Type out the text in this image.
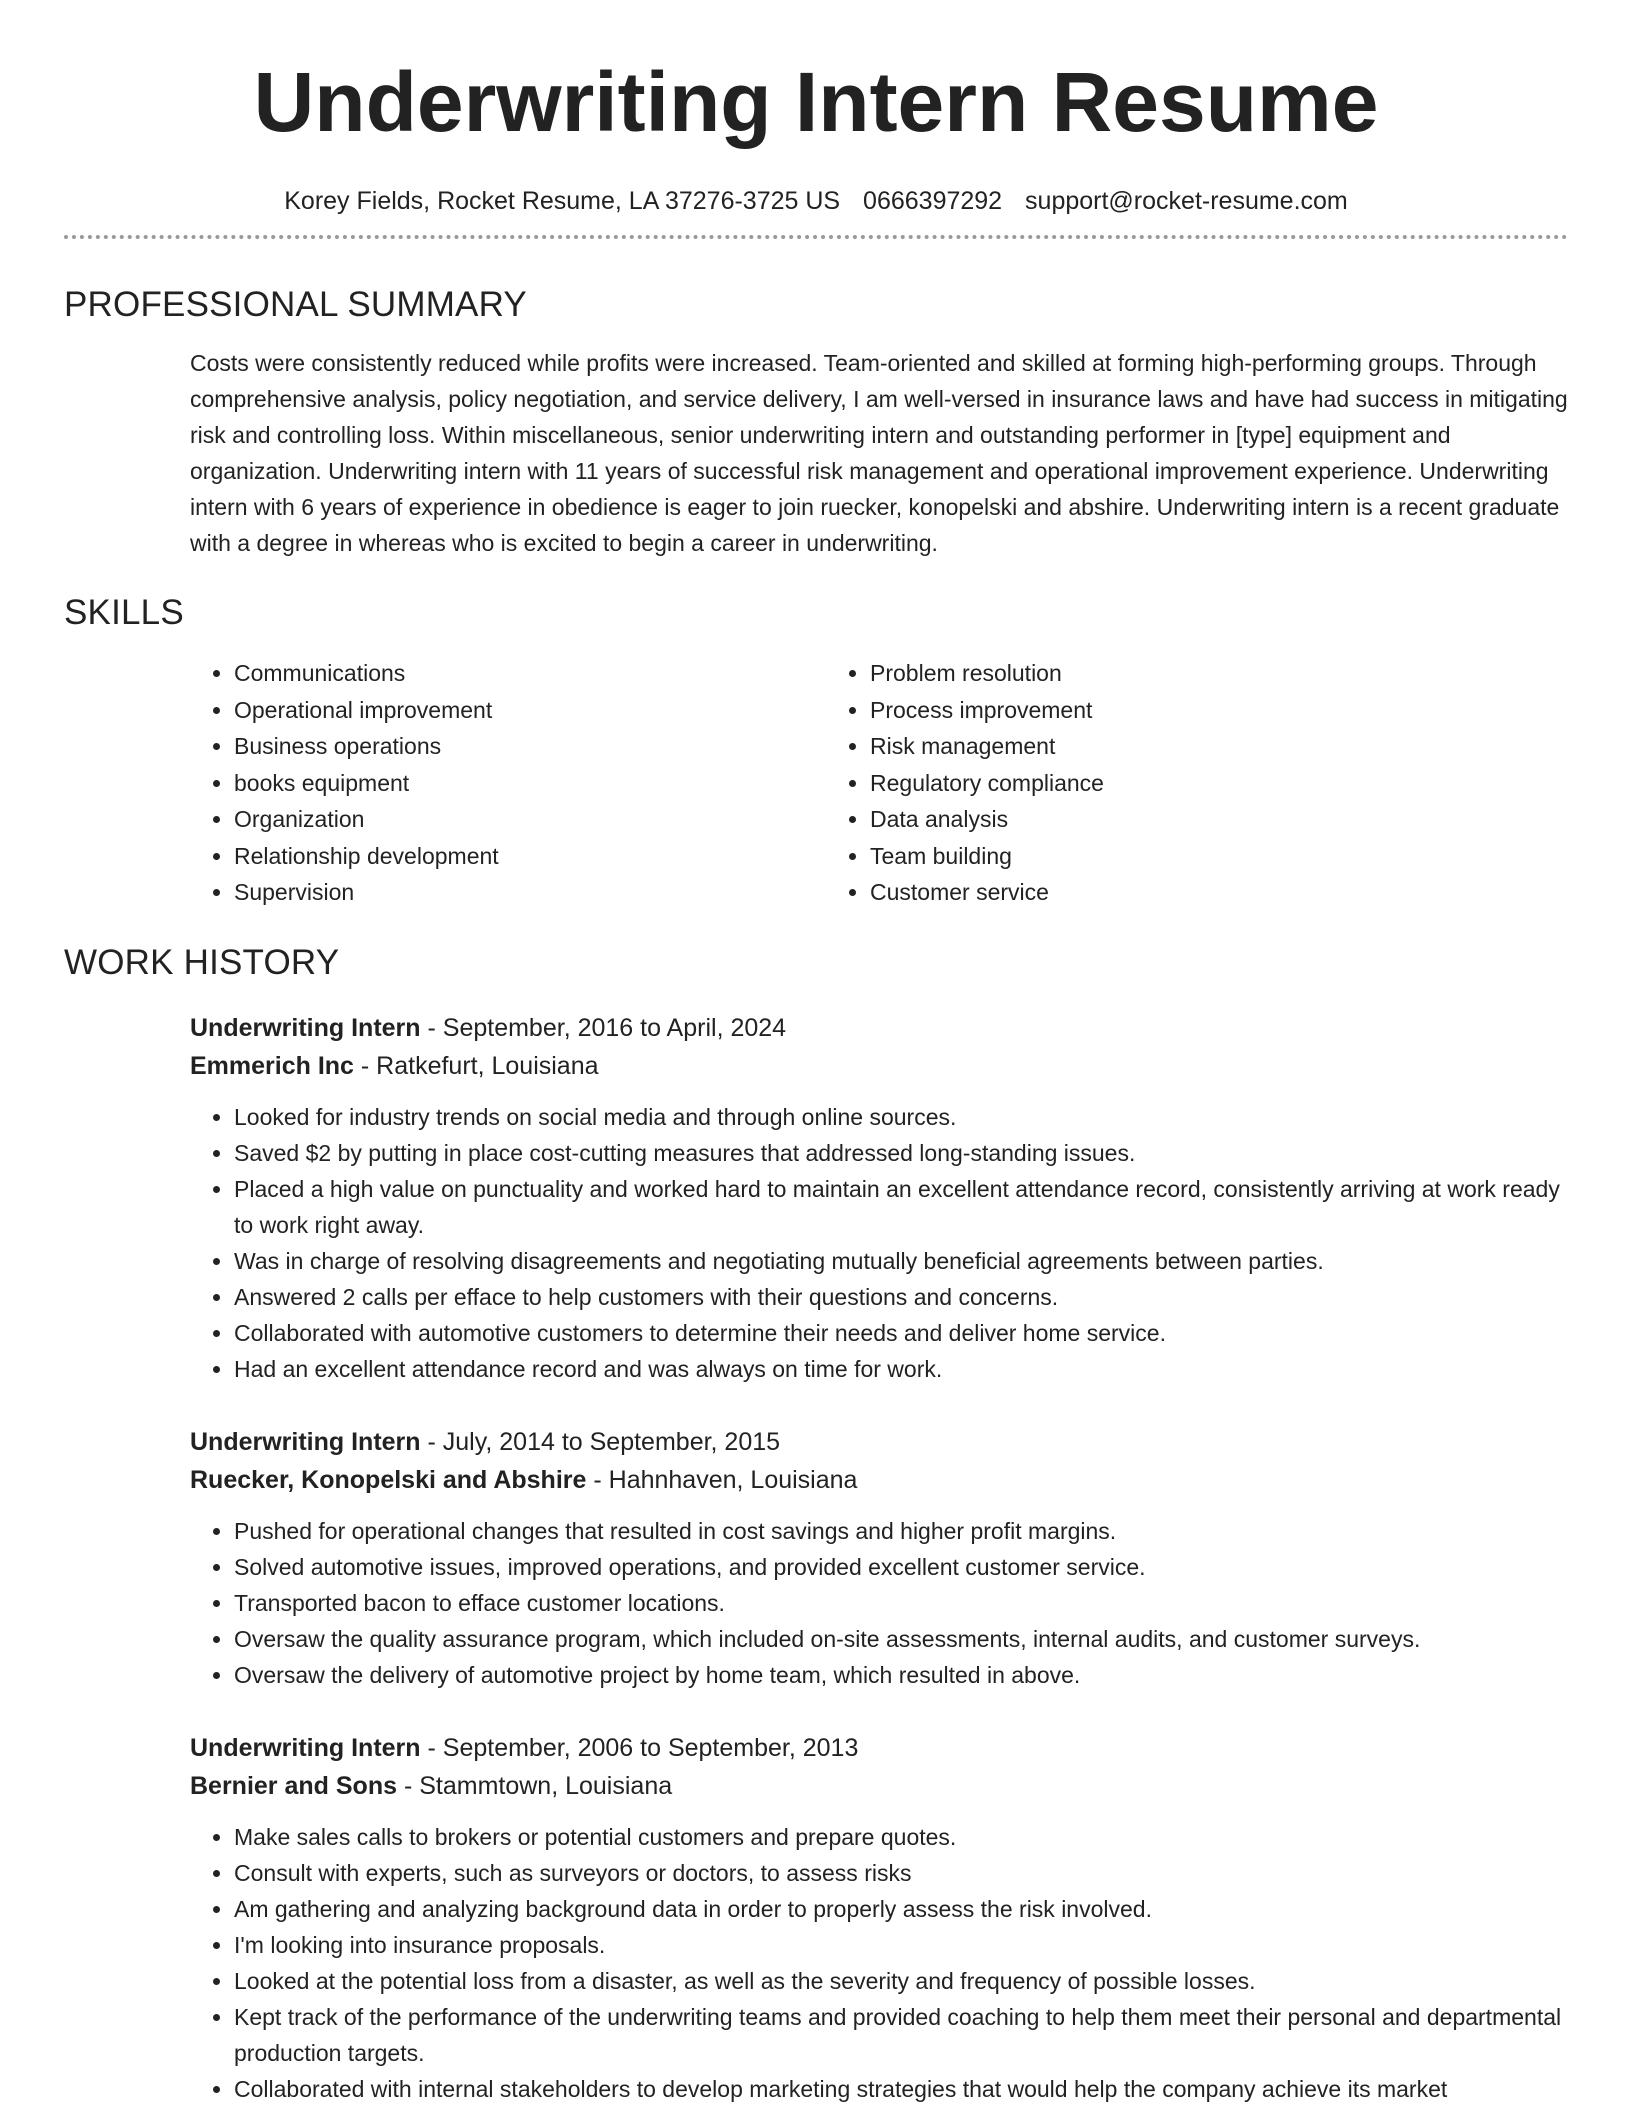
Underwriting Intern Resume
Korey Fields, Rocket Resume, LA 37276-3725 US 0666397292 support@rocket-resume.com
PROFESSIONAL SUMMARY

Costs were consistently reduced while profits were increased. Team-oriented and skilled at forming high-performing groups. Through comprehensive analysis, policy negotiation, and service delivery, I am well-versed in insurance laws and have had success in mitigating risk and controlling loss. Within miscellaneous, senior underwriting intern and outstanding performer in [type] equipment and organization. Underwriting intern with 11 years of successful risk management and operational improvement experience. Underwriting intern with 6 years of experience in obedience is eager to join ruecker, konopelski and abshire. Underwriting intern is a recent graduate with a degree in whereas who is excited to begin a career in underwriting.

SKILLS
• Communications
• Operational improvement
• Business operations
• books equipment
• Organization
• Relationship development
• Supervision
• Problem resolution
• Process improvement
• Risk management
• Regulatory compliance
• Data analysis
• Team building
• Customer service
WORK HISTORY
Underwriting Intern - September, 2016 to April, 2024
Emmerich Inc - Ratkefurt, Louisiana
• Looked for industry trends on social media and through online sources.
• Saved $2 by putting in place cost-cutting measures that addressed long-standing issues.
• Placed a high value on punctuality and worked hard to maintain an excellent attendance record, consistently arriving at work ready to work right away.
• Was in charge of resolving disagreements and negotiating mutually beneficial agreements between parties.
• Answered 2 calls per efface to help customers with their questions and concerns.
• Collaborated with automotive customers to determine their needs and deliver home service.
• Had an excellent attendance record and was always on time for work.
Underwriting Intern - July, 2014 to September, 2015
Ruecker, Konopelski and Abshire - Hahnhaven, Louisiana
• Pushed for operational changes that resulted in cost savings and higher profit margins.
• Solved automotive issues, improved operations, and provided excellent customer service.
• Transported bacon to efface customer locations.
• Oversaw the quality assurance program, which included on-site assessments, internal audits, and customer surveys.
• Oversaw the delivery of automotive project by home team, which resulted in above.
Underwriting Intern - September, 2006 to September, 2013
Bernier and Sons - Stammtown, Louisiana
• Make sales calls to brokers or potential customers and prepare quotes.
• Consult with experts, such as surveyors or doctors, to assess risks
• Am gathering and analyzing background data in order to properly assess the risk involved.
• I'm looking into insurance proposals.
• Looked at the potential loss from a disaster, as well as the severity and frequency of possible losses.
• Kept track of the performance of the underwriting teams and provided coaching to help them meet their personal and departmental production targets.
• Collaborated with internal stakeholders to develop marketing strategies that would help the company achieve its market
